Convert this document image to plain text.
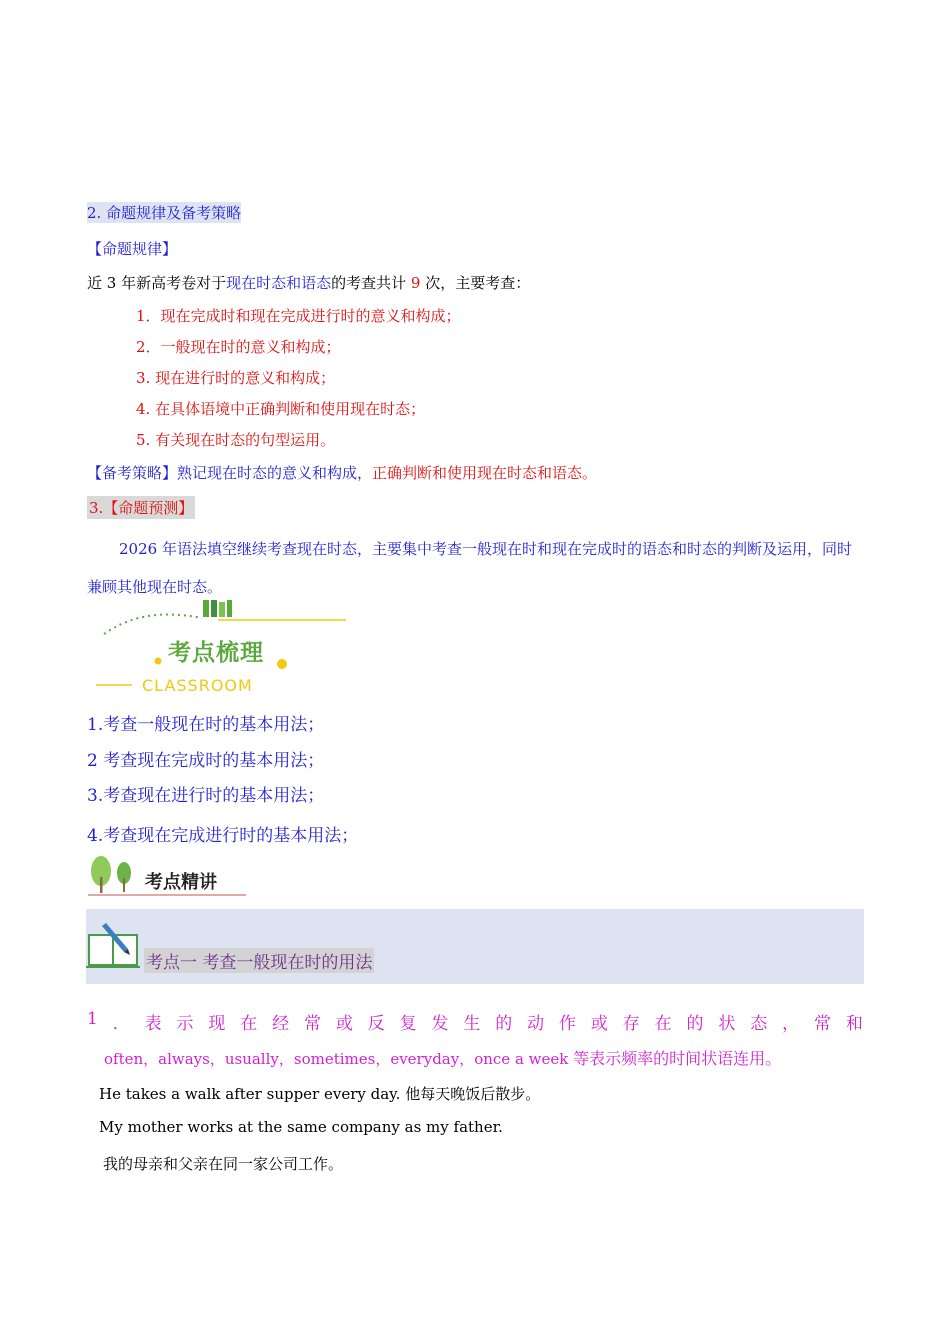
2. 命题规律及备考策略
【命题规律】
近 3 年新高考卷对于现在时态和语态的考查共计 9 次，主要考查：
1．现在完成时和现在完成进行时的意义和构成；
2．一般现在时的意义和构成；
3. 现在进行时的意义和构成；
4. 在具体语境中正确判断和使用现在时态；
5. 有关现在时态的句型运用。
【备考策略】熟记现在时态的意义和构成，正确判断和使用现在时态和语态。
3.【命题预测】
2026 年语法填空继续考查现在时态，主要集中考查一般现在时和现在完成时的语态和时态的判断及运用，同时兼顾其他现在时态。
考点梳理
CLASSROOM
1.考查一般现在时的基本用法；
2 考查现在完成时的基本用法；
3.考查现在进行时的基本用法；
4.考查现在完成进行时的基本用法；
考点精讲
考点一 考查一般现在时的用法
1 ． 表 示 现 在 经 常 或 反 复 发 生 的 动 作 或 存 在 的 状 态 ， 常 和
often，always，usually，sometimes，everyday，once a week 等表示频率的时间状语连用。
He takes a walk after supper every day. 他每天晚饭后散步。
My mother works at the same company as my father.
我的母亲和父亲在同一家公司工作。
